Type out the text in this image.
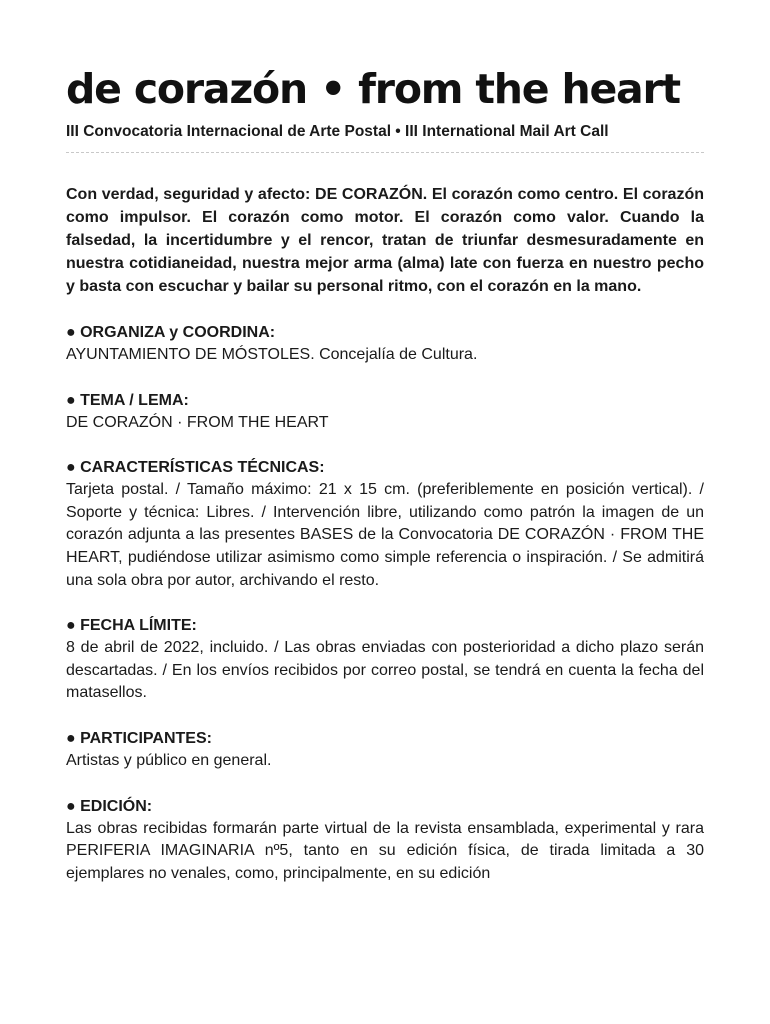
de corazón • from the heart
III Convocatoria Internacional de Arte Postal • III International Mail Art Call

Con verdad, seguridad y afecto: DE CORAZÓN. El corazón como centro. El corazón como impulsor. El corazón como motor. El corazón como valor. Cuando la falsedad, la incertidumbre y el rencor, tratan de triunfar desmesuradamente en nuestra cotidianeidad, nuestra mejor arma (alma) late con fuerza en nuestro pecho y basta con escuchar y bailar su personal ritmo, con el corazón en la mano.

● ORGANIZA y COORDINA:
AYUNTAMIENTO DE MÓSTOLES. Concejalía de Cultura.
● TEMA / LEMA:
DE CORAZÓN · FROM THE HEART
● CARACTERÍSTICAS TÉCNICAS:
Tarjeta postal. / Tamaño máximo: 21 x 15 cm. (preferiblemente en posición vertical). / Soporte y técnica: Libres. / Intervención libre, utilizando como patrón la imagen de un corazón adjunta a las presentes BASES de la Convocatoria DE CORAZÓN · FROM THE HEART, pudiéndose utilizar asimismo como simple referencia o inspiración. / Se admitirá una sola obra por autor, archivando el resto.
● FECHA LÍMITE:
8 de abril de 2022, incluido. / Las obras enviadas con posterioridad a dicho plazo serán descartadas. / En los envíos recibidos por correo postal, se tendrá en cuenta la fecha del matasellos.
● PARTICIPANTES:
Artistas y público en general.
● EDICIÓN:
Las obras recibidas formarán parte virtual de la revista ensamblada, experimental y rara PERIFERIA IMAGINARIA nº5, tanto en su edición física, de tirada limitada a 30 ejemplares no venales, como, principalmente, en su edición
